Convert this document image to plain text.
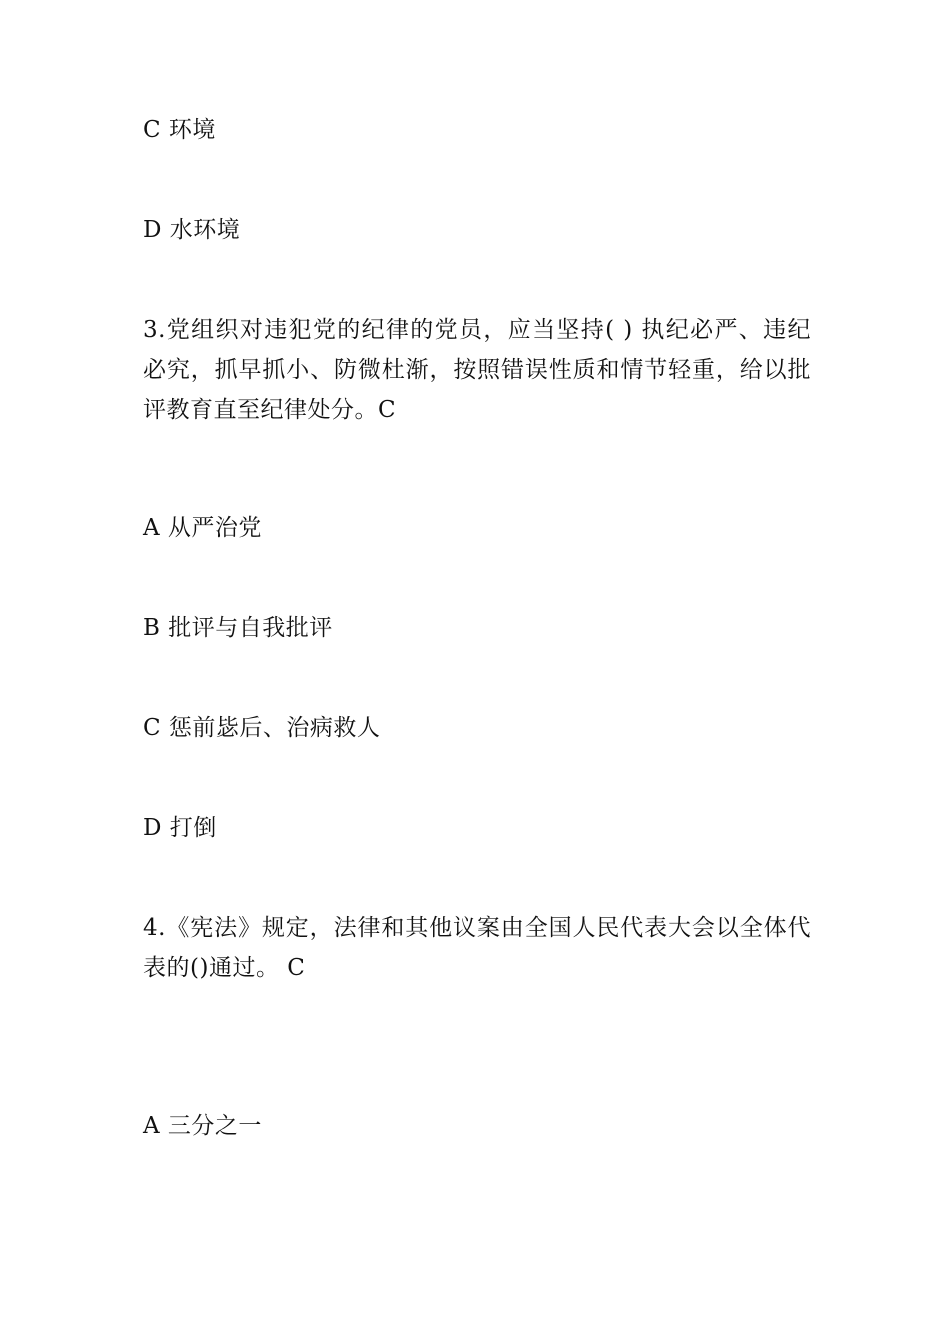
C 环境
D 水环境
3.党组织对违犯党的纪律的党员，应当坚持( ) 执纪必严、违纪必究，抓早抓小、防微杜渐，按照错误性质和情节轻重，给以批评教育直至纪律处分。C
A 从严治党
B 批评与自我批评
C 惩前毖后、治病救人
D 打倒
4.《宪法》规定，法律和其他议案由全国人民代表大会以全体代表的()通过。 C
A 三分之一
